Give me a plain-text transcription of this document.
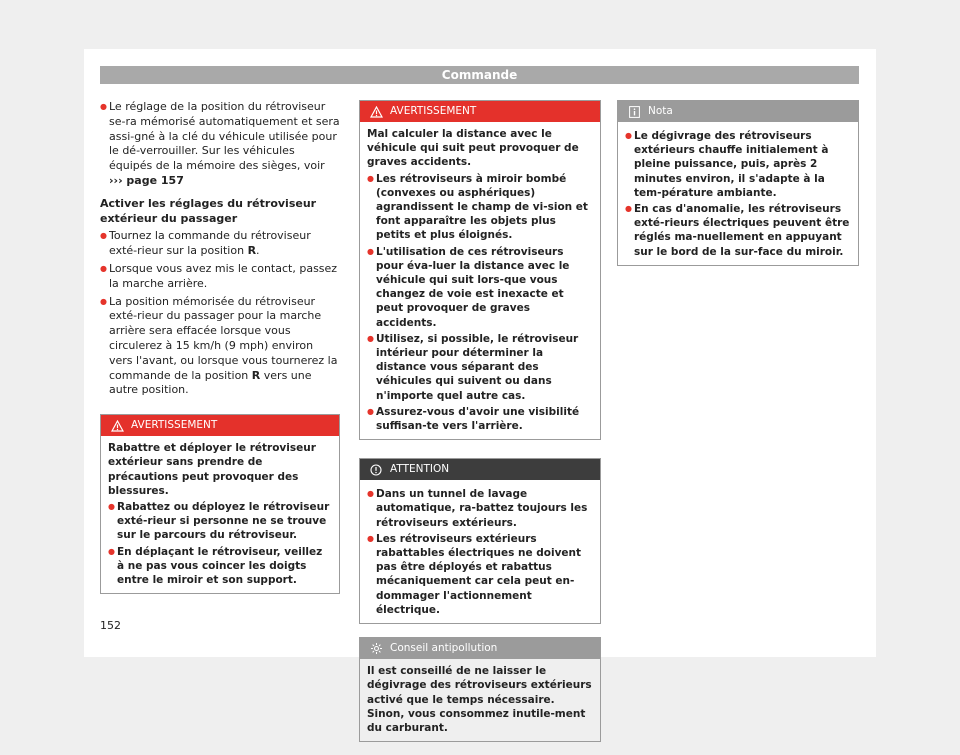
Commande

● Le réglage de la position du rétroviseur se-ra mémorisé automatiquement et sera assi-gné à la clé du véhicule utilisée pour le dé-verrouiller. Sur les véhicules équipés de la mémoire des sièges, voir ››› page 157

Activer les réglages du rétroviseur extérieur du passager

● Tournez la commande du rétroviseur exté-rieur sur la position R.

● Lorsque vous avez mis le contact, passez la marche arrière.

● La position mémorisée du rétroviseur exté-rieur du passager pour la marche arrière sera effacée lorsque vous circulerez à 15 km/h (9 mph) environ vers l'avant, ou lorsque vous tournerez la commande de la position R vers une autre position.

AVERTISSEMENT

Rabattre et déployer le rétroviseur extérieur sans prendre de précautions peut provoquer des blessures.

● Rabattez ou déployez le rétroviseur exté-rieur si personne ne se trouve sur le parcours du rétroviseur.

● En déplaçant le rétroviseur, veillez à ne pas vous coincer les doigts entre le miroir et son support.

AVERTISSEMENT

Mal calculer la distance avec le véhicule qui suit peut provoquer de graves accidents.

● Les rétroviseurs à miroir bombé (convexes ou asphériques) agrandissent le champ de vi-sion et font apparaître les objets plus petits et plus éloignés.

● L'utilisation de ces rétroviseurs pour éva-luer la distance avec le véhicule qui suit lors-que vous changez de voie est inexacte et peut provoquer de graves accidents.

● Utilisez, si possible, le rétroviseur intérieur pour déterminer la distance vous séparant des véhicules qui suivent ou dans n'importe quel autre cas.

● Assurez-vous d'avoir une visibilité suffisan-te vers l'arrière.

ATTENTION

● Dans un tunnel de lavage automatique, ra-battez toujours les rétroviseurs extérieurs.

● Les rétroviseurs extérieurs rabattables électriques ne doivent pas être déployés et rabattus mécaniquement car cela peut en-dommager l'actionnement électrique.

Conseil antipollution

Il est conseillé de ne laisser le dégivrage des rétroviseurs extérieurs activé que le temps nécessaire. Sinon, vous consommez inutile-ment du carburant.

Nota

● Le dégivrage des rétroviseurs extérieurs chauffe initialement à pleine puissance, puis, après 2 minutes environ, il s'adapte à la tem-pérature ambiante.

● En cas d'anomalie, les rétroviseurs exté-rieurs électriques peuvent être réglés ma-nuellement en appuyant sur le bord de la sur-face du miroir.

152
